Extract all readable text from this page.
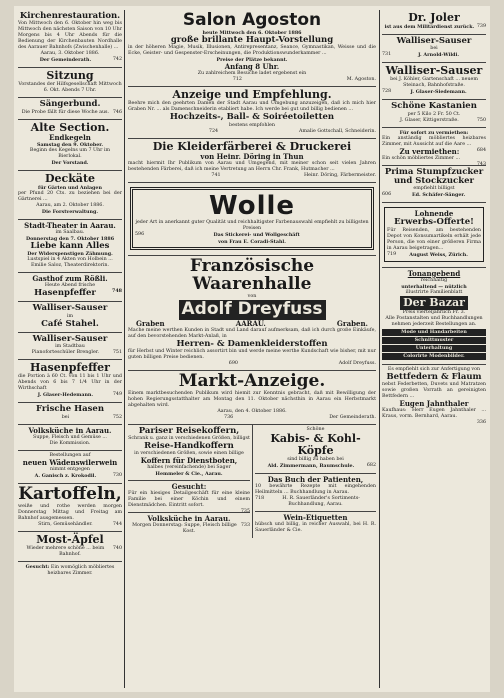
Kirchenrestauration.
Von Mittwoch den 6. Oktober hin weg bis Mittwoch den nächsten Saison von 10 Uhr Morgens bis 4 Uhr Abends für die Bedienung der Kirchenbauten Nordhalle des Aarauer Bahnhofs (Zwischenhalle) ...
Aarau, 3. Oktober 1886.
742
Der Gemeinderath.
Sitzung
Vorstandes der Hilfsgesellschaft Mittwoch 6. Okt. Abends 7 Uhr.
Sängerbund.
746
Die Probe fällt für diese Woche aus.
Alte Section.
Endkegeln
Samstag den 9. Oktober.
Beginn des Kegelns um 7 Uhr im Bierlokal.
Der Vorstand.
Deckäte
für Gärten und Anlagen
per Pfund 20 Cts. zu beziehen bei der Gärtnerei ...
Aarau, am 2. Oktober 1886.
Die Forstverwaltung.
Stadt-Theater in Aarau.
im Saalbau.
Donnerstag den 7. Oktober 1886
Liebe kann Alles
Der Widerspenstigen Zähmung.
Lustspiel in 4 Akten von Holbein ...
Emilie Saloz, Theaterdirektorin.
Gasthof zum Rößli.
Heute Abend frische
748
Hasenpfeffer
Walliser-Sauser
im
Café Stahel.
Walliser-Sauser
im Stadtbau
751
Pianoforteschüler Brengler.
Hasenpfeffer
die Portion à 60 Ct. von 11 bis 1 Uhr und Abends von 6 bis 7 1/4 Uhr in der Wirthschaft
749
J. Glaser-Hedemann.
Frische Hasen
752
bei
Volksküche in Aarau.
Suppe, Fleisch und Gemüse ...
Die Kommission.
Bestellungen auf
neuen Wädenswilerwein
nimmt entgegen
730
A. Ganisch z. Krokodil.
Kartoffeln,
weiße und rothe werden morgen Donnerstag Mittag und Freitag am Bahnhof ausgemessen.
744
Stirn, Gemüsehändler.
Most-Äpfel
740
Wieder mehrere schöne ... beim Bahnhof.
Gesucht: Ein womöglich möbliertes heizbares Zimmer.
Salon Agoston
heute Mittwoch den 6. Oktober 1886
große brillante Haupt-Vorstellung
in der höheren Magie, Musik, Illusionen, Antirepresentanz, Seance, Gymnastikan, Weisse und die Ecke, Geister- und Gespenster-Erscheinungen, die Produktionswunderkammer ...
Preise der Plätze bekannt.
Anfang 8 Uhr.
Zu zahlreichem Besuche ladet ergebenst ein
M. Agoston.
712
Anzeige und Empfehlung.
Beehre mich den geehrten Damen der Stadt Aarau und Umgebung anzuzeigen, daß ich mich hier Graben Nr. ... als Damenschneiderin etabliert habe. Ich werde bei gut und billig bedienen ...
Hochzeits-, Ball- & Soiréetoiletten
bestens empfohlen
Amalie Gottschall, Schneiderin.
724
Die Kleiderfärberei & Druckerei
von Heinr. Döring in Thun
macht hiermit Ihr Publikum von Aarau und Umgegend, mit meiner schon seit vielen Jahren bestehenden Färberei, daß ich meine Vertretung an Herrn Chr. Frank, Hutmacher ...
Heinr. Döring, Färbermeister.
741
Wolle
jeder Art in anerkannt guter Qualität und reichhaltigster Farbenauswahl empfiehlt zu billigsten Preisen
596	Das Stickerei- und Wollgeschäft
von Frau E. Coradi-Stahl.
Französische Waarenhalle
von
Adolf Dreyfuss
Graben	AARAU.	Graben.
Mache meine werthen Kunden in Stadt und Land darauf aufmerksam, daß ich durch große Einkäufe, auf den bevorstehenden Markt-Anlaß, in
Herren- & Damenkleiderstoffen
für Herbst und Winter reichlich assortirt bin und werde meine werthe Kundschaft wie bisher, mit nur guten billigen Preise bedienen.
Adolf Dreyfuss.
690
Markt-Anzeige.
Einem marktbesuchenden Publikum wird hiemit zur Kenntnis gebracht, daß mit Bewilligung der hohen Regierungsstatthalter am Montag den 11. Oktober nächsthin in Aarau ein Herbstmarkt abgehalten wird.
Aarau, den 4. Oktober 1886.
Der Gemeinderath.
736
Pariser Reisekoffern,
Schrank u. ganz in verschiedenen Größen, billigst
Reise-Handkoffern
in verschiedenen Größen, sowie einen billige
Koffern für Dienstboten,
halbes (vereinfachende) bei Sager
Hemmeler & Cie., Aarau.
Gesucht:
Für ein hiesiges Detailgeschäft für eine kleine Familie bei einer Köchin und einem Dienstmädchen. Eintritt sofort.
735
Volksküche in Aarau.
733
Morgen Donnerstag: Suppe, Fleisch billige Kost.
Schöne
Kabis- & Kohl-Köpfe
sind billig zu haben bei
682
Ald. Zimmermann, Baumschule.
Das Buch der Patienten,
10 bewährte Rezepte mit eingehenden Heilmitteln ... Buchhandlung in Aarau.
718	H. R. Sauerländer's Sortiments-Buchhandlung, Aarau.
Wein-Etiquetten
hübsch und billig, in reicher Auswahl, bei H. R. Sauerländer & Cie.
Dr. Joler
739
ist aus dem Militärdienst zurück.
Walliser-Sauser
bei
731	J. Arnold-Wildi.
Walliser-Sauser
bei J. Köhler, Gartenschaft ... neuem Steinach, Bahnhofstraße.
728	J. Glaser-Siedemann.
Schöne Kastanien
per 5 Kilo 2 Fr. 50 Ct.
750
J. Glaser, Kittigerstraße.
Für sofort zu vermiethen:
Ein anständig möbliertes heizbares Zimmer, mit Aussicht auf die Aare ...
684
Zu vermiethen:
Ein schön möbliertes Zimmer ...
743
Prima Stumpfzucker und Stockzucker
empfiehlt billigst
606	Ed. Schäfer-Sänger.
Lohnende
Erwerbs-Offerte!
Für Reisenden, am bestehenden Depot von Konsumartikeln erhält jede Person, die von einer größeren Firma in Aarau beigetragen...
719	August Weiss, Zürich.
Tonangebend
reichhaltig
unterhaltend — nützlich
illustrirte Familienblatt
Der Bazar
Preis vierteljährlich Fr. 3.
Alle Postanstalten und Buchhandlungen nehmen jederzeit Bestellungen an.
Mode und Handarbeiten
Schnittmuster
Unterhaltung
Colorirte Modenbilder.
Es empfiehlt sich zur Anfertigung von
Bettfedern & Flaum
nebst Federbetten, Duvets und Matratzen sowie großen Vorrath an gereinigten Bettfedern ...
Eugen Jahnthaler
Kaufhaus: Herr Eugen Jahnthaler ... Kraus, vorm. Bernhard, Aarau.
336
